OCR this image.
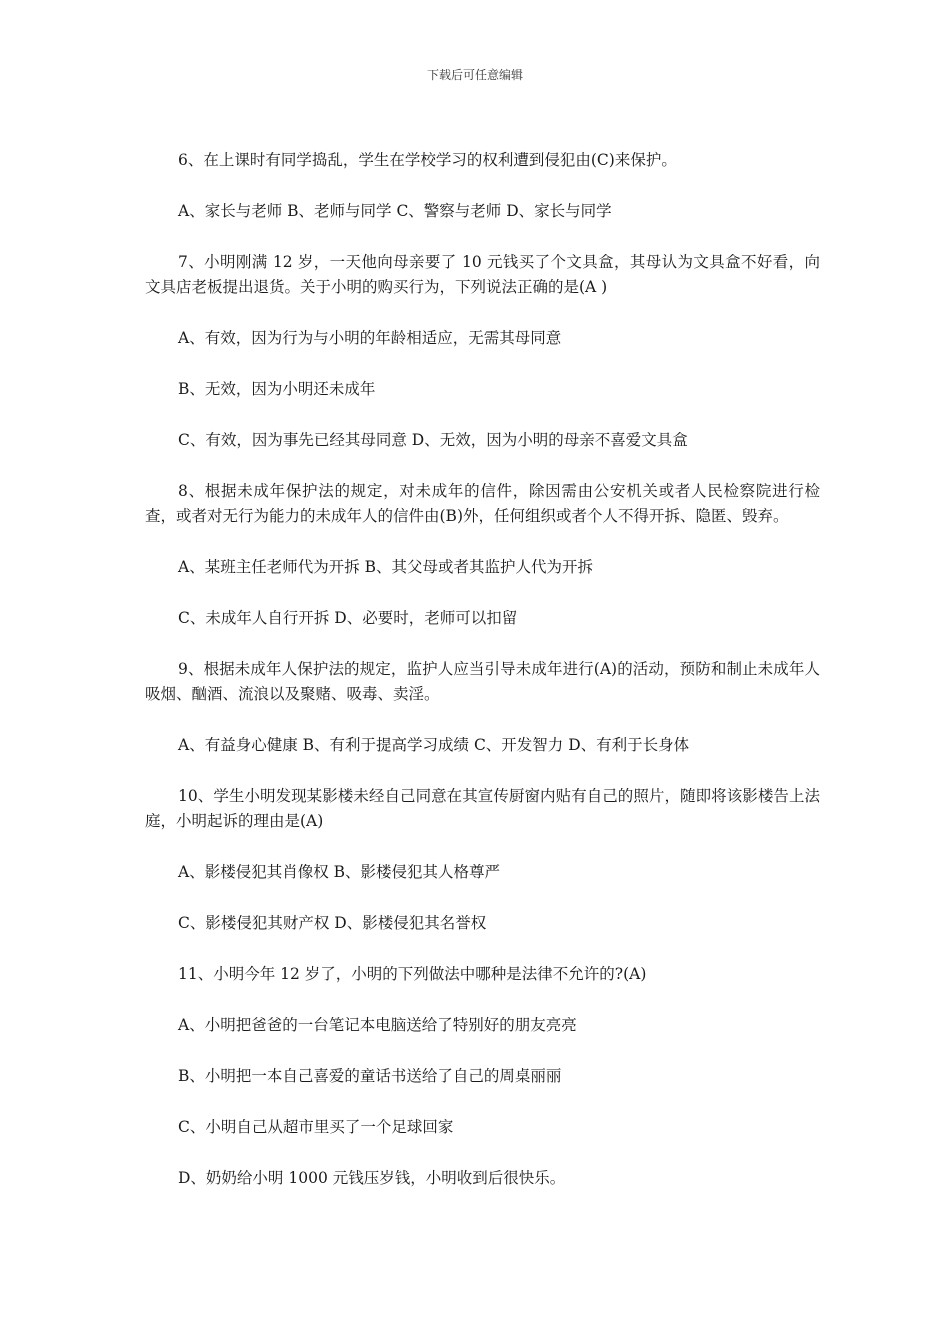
下载后可任意编辑

6、在上课时有同学捣乱，学生在学校学习的权利遭到侵犯由(C)来保护。

A、家长与老师 B、老师与同学 C、警察与老师 D、家长与同学

7、小明刚满 12 岁，一天他向母亲要了 10 元钱买了个文具盒，其母认为文具盒不好看，向文具店老板提出退货。关于小明的购买行为，下列说法正确的是(A )

A、有效，因为行为与小明的年龄相适应，无需其母同意

B、无效，因为小明还未成年

C、有效，因为事先已经其母同意 D、无效，因为小明的母亲不喜爱文具盒

8、根据未成年保护法的规定，对未成年的信件，除因需由公安机关或者人民检察院进行检查，或者对无行为能力的未成年人的信件由(B)外，任何组织或者个人不得开拆、隐匿、毁弃。

A、某班主任老师代为开拆 B、其父母或者其监护人代为开拆

C、未成年人自行开拆 D、必要时，老师可以扣留

9、根据未成年人保护法的规定，监护人应当引导未成年进行(A)的活动，预防和制止未成年人吸烟、酗酒、流浪以及聚赌、吸毒、卖淫。

A、有益身心健康 B、有利于提高学习成绩 C、开发智力 D、有利于长身体

10、学生小明发现某影楼未经自己同意在其宣传厨窗内贴有自己的照片，随即将该影楼告上法庭，小明起诉的理由是(A)

A、影楼侵犯其肖像权 B、影楼侵犯其人格尊严

C、影楼侵犯其财产权 D、影楼侵犯其名誉权

11、小明今年 12 岁了，小明的下列做法中哪种是法律不允许的?(A)

A、小明把爸爸的一台笔记本电脑送给了特别好的朋友亮亮

B、小明把一本自己喜爱的童话书送给了自己的周桌丽丽

C、小明自己从超市里买了一个足球回家

D、奶奶给小明 1000 元钱压岁钱，小明收到后很快乐。
